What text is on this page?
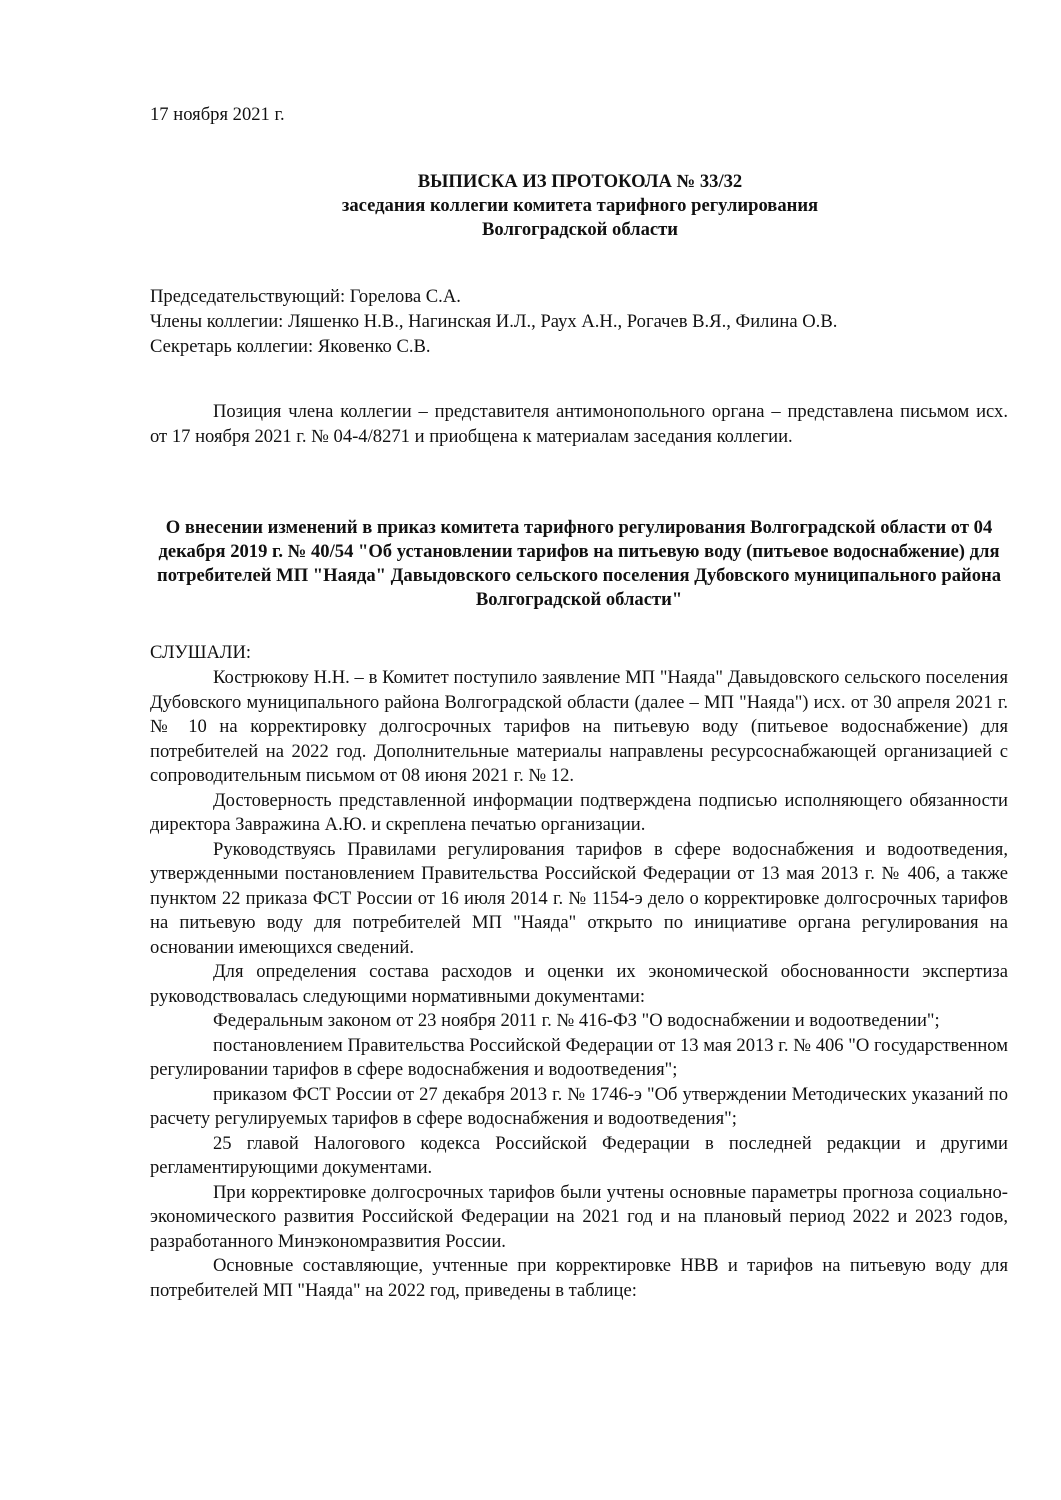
17 ноября 2021 г.
ВЫПИСКА ИЗ ПРОТОКОЛА № 33/32
заседания коллегии комитета тарифного регулирования
Волгоградской области
Председательствующий: Горелова С.А.
Члены коллегии: Ляшенко Н.В., Нагинская И.Л., Раух А.Н., Рогачев В.Я., Филина О.В.
Секретарь коллегии: Яковенко С.В.
Позиция члена коллегии – представителя антимонопольного органа – представлена письмом исх. от 17 ноября 2021 г. № 04-4/8271 и приобщена к материалам заседания коллегии.
О внесении изменений в приказ комитета тарифного регулирования Волгоградской области от 04 декабря 2019 г. № 40/54 "Об установлении тарифов на питьевую воду (питьевое водоснабжение) для потребителей МП "Наяда" Давыдовского сельского поселения Дубовского муниципального района Волгоградской области"
СЛУШАЛИ:

Кострюкову Н.Н. – в Комитет поступило заявление МП "Наяда" Давыдовского сельского поселения Дубовского муниципального района Волгоградской области (далее – МП "Наяда") исх. от 30 апреля 2021 г. № 10 на корректировку долгосрочных тарифов на питьевую воду (питьевое водоснабжение) для потребителей на 2022 год. Дополнительные материалы направлены ресурсоснабжающей организацией с сопроводительным письмом от 08 июня 2021 г. № 12.

Достоверность представленной информации подтверждена подписью исполняющего обязанности директора Завражина А.Ю. и скреплена печатью организации.

Руководствуясь Правилами регулирования тарифов в сфере водоснабжения и водоотведения, утвержденными постановлением Правительства Российской Федерации от 13 мая 2013 г. № 406, а также пунктом 22 приказа ФСТ России от 16 июля 2014 г. № 1154-э дело о корректировке долгосрочных тарифов на питьевую воду для потребителей МП "Наяда" открыто по инициативе органа регулирования на основании имеющихся сведений.

Для определения состава расходов и оценки их экономической обоснованности экспертиза руководствовалась следующими нормативными документами:

Федеральным законом от 23 ноября 2011 г. № 416-ФЗ "О водоснабжении и водоотведении";

постановлением Правительства Российской Федерации от 13 мая 2013 г. № 406 "О государственном регулировании тарифов в сфере водоснабжения и водоотведения";

приказом ФСТ России от 27 декабря 2013 г. № 1746-э "Об утверждении Методических указаний по расчету регулируемых тарифов в сфере водоснабжения и водоотведения";

25 главой Налогового кодекса Российской Федерации в последней редакции и другими регламентирующими документами.

При корректировке долгосрочных тарифов были учтены основные параметры прогноза социально-экономического развития Российской Федерации на 2021 год и на плановый период 2022 и 2023 годов, разработанного Минэкономразвития России.

Основные составляющие, учтенные при корректировке НВВ и тарифов на питьевую воду для потребителей МП "Наяда" на 2022 год, приведены в таблице:
